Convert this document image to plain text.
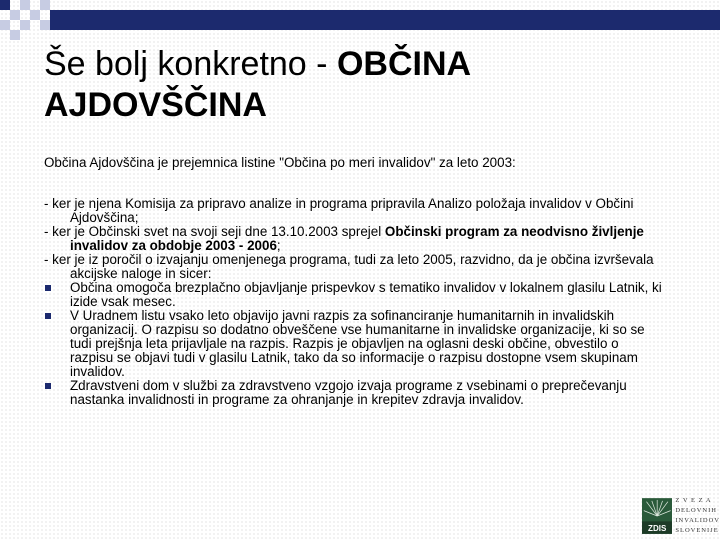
Še bolj konkretno - OBČINA AJDOVŠČINA
Občina Ajdovščina je prejemnica listine "Občina po meri invalidov" za leto 2003:

- ker je njena Komisija za pripravo analize in programa pripravila Analizo položaja invalidov v Občini Ajdovščina;

- ker je Občinski svet na svoji seji dne 13.10.2003 sprejel Občinski program za neodvisno življenje invalidov za obdobje 2003 - 2006;

- ker je iz poročil o izvajanju omenjenega programa, tudi za leto 2005, razvidno, da je občina izvrševala akcijske naloge in sicer:

Občina omogoča brezplačno objavljanje prispevkov s tematiko invalidov v lokalnem glasilu Latnik, ki izide vsak mesec.

V Uradnem listu vsako leto objavijo javni razpis za sofinanciranje humanitarnih in invalidskih organizacij. O razpisu so dodatno obveščene vse humanitarne in invalidske organizacije, ki so se tudi prejšnja leta prijavljale na razpis. Razpis je objavljen na oglasni deski občine, obvestilo o razpisu se objavi tudi v glasilu Latnik, tako da so informacije o razpisu dostopne vsem skupinam invalidov.

Zdravstveni dom v službi za zdravstveno vzgojo izvaja programe z vsebinami o preprečevanju nastanka invalidnosti in programe za ohranjanje in krepitev zdravja invalidov.

ZDIS
Z V E Z A
DELOVNIH
INVALIDOV
SLOVENIJE
